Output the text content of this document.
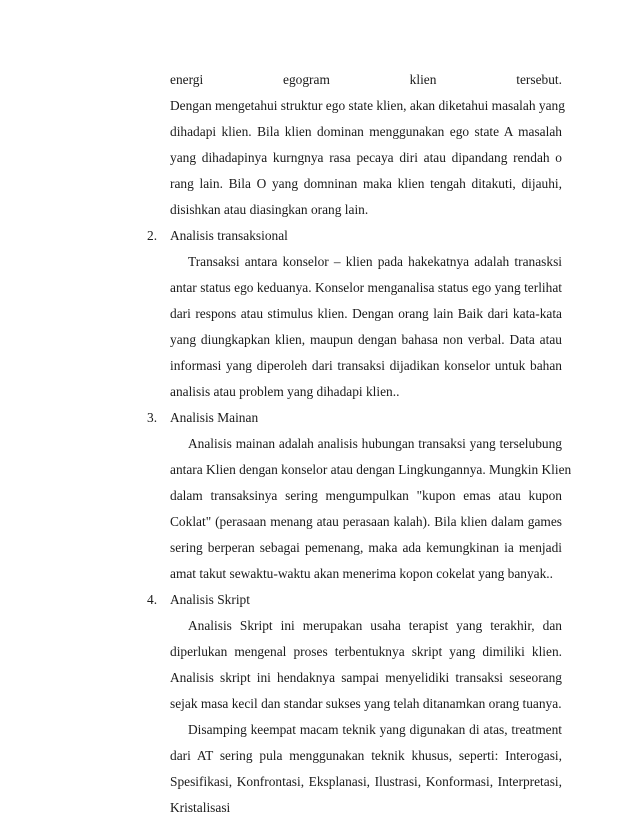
energi egogram klien tersebut.
Dengan mengetahui struktur ego state klien, akan diketahui masalah yang
dihadapi klien. Bila klien dominan menggunakan ego state A masalah
yang dihadapinya kurngnya rasa pecaya diri atau dipandang rendah o
rang lain. Bila O yang domninan maka klien tengah ditakuti, dijauhi,
disishkan atau diasingkan orang lain.
2. Analisis transaksional
Transaksi antara konselor – klien pada hakekatnya adalah tranasksi
antar status ego keduanya. Konselor menganalisa status ego yang terlihat
dari respons atau stimulus klien. Dengan orang lain Baik dari kata-kata
yang diungkapkan klien, maupun dengan bahasa non verbal. Data atau
informasi yang diperoleh dari transaksi dijadikan konselor untuk bahan
analisis atau problem yang dihadapi klien..
3. Analisis Mainan
Analisis mainan adalah analisis hubungan transaksi yang terselubung
antara Klien dengan konselor atau dengan Lingkungannya. Mungkin Klien
dalam transaksinya sering mengumpulkan "kupon emas atau kupon
Coklat" (perasaan menang atau perasaan kalah). Bila klien dalam games
sering berperan sebagai pemenang, maka ada kemungkinan ia menjadi
amat takut sewaktu-waktu akan menerima kopon cokelat yang banyak..
4. Analisis Skript
Analisis Skript ini merupakan usaha terapist yang terakhir, dan
diperlukan mengenal proses terbentuknya skript yang dimiliki klien.
Analisis skript ini hendaknya sampai menyelidiki transaksi seseorang
sejak masa kecil dan standar sukses yang telah ditanamkan orang tuanya.
Disamping keempat macam teknik yang digunakan di atas, treatment
dari AT sering pula menggunakan teknik khusus, seperti: Interogasi,
Spesifikasi, Konfrontasi, Eksplanasi, Ilustrasi, Konformasi, Interpretasi,
Kristalisasi
